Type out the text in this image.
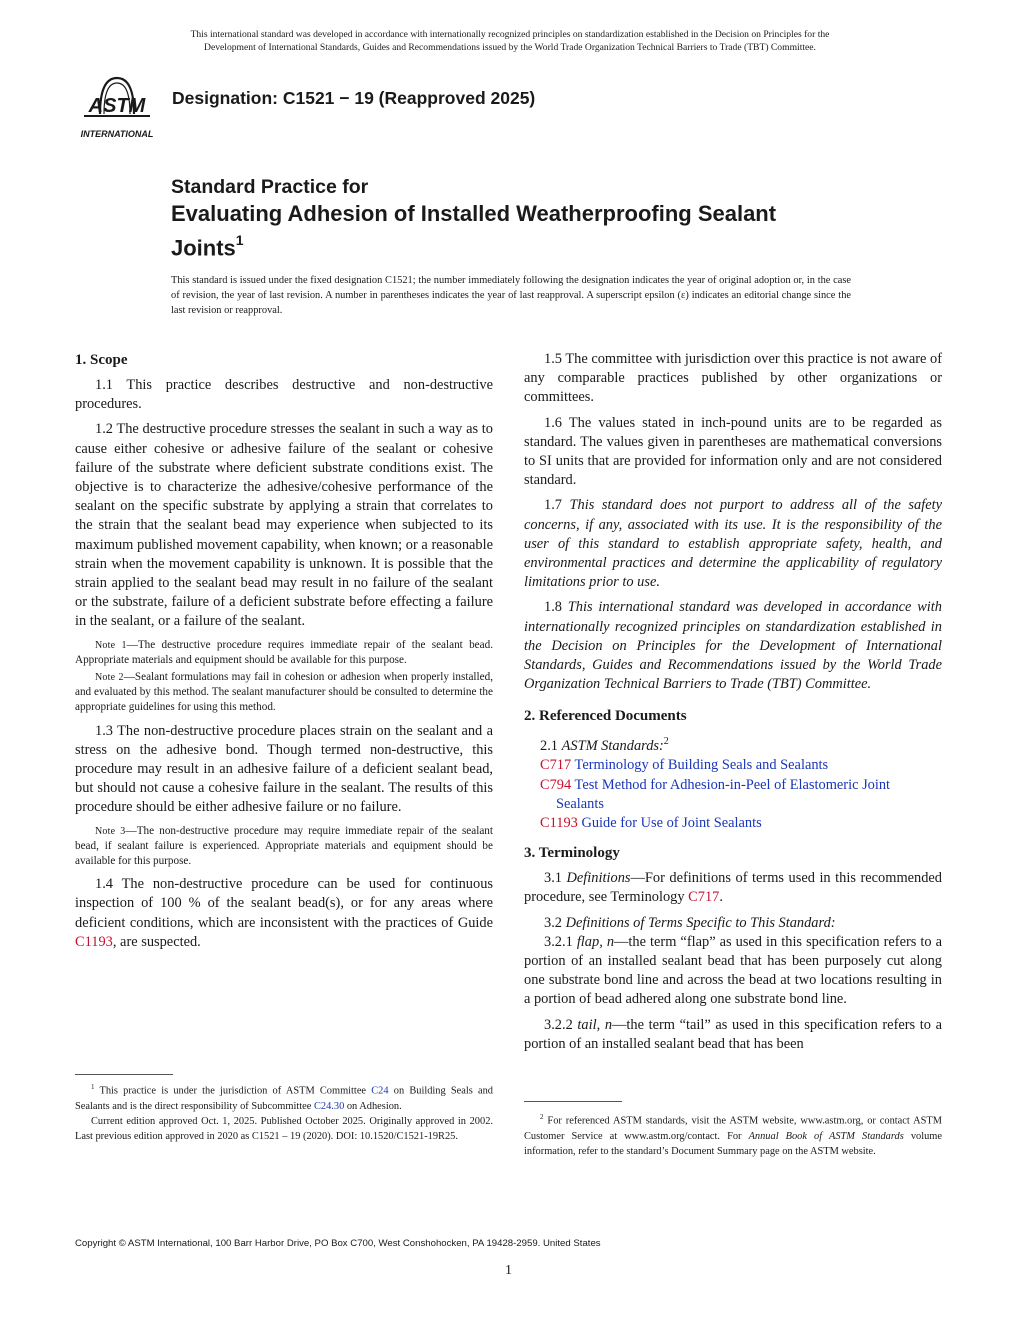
This international standard was developed in accordance with internationally recognized principles on standardization established in the Decision on Principles for the
Development of International Standards, Guides and Recommendations issued by the World Trade Organization Technical Barriers to Trade (TBT) Committee.
ASTM
INTERNATIONAL
Designation: C1521 − 19 (Reapproved 2025)
Standard Practice for
Evaluating Adhesion of Installed Weatherproofing Sealant
Joints$^1$
This standard is issued under the fixed designation C1521; the number immediately following the designation indicates the year of original adoption or, in the case of revision, the year of last revision. A number in parentheses indicates the year of last reapproval. A superscript epsilon (ε) indicates an editorial change since the last revision or reapproval.
1. Scope

1.1 This practice describes destructive and non-destructive procedures.

1.2 The destructive procedure stresses the sealant in such a way as to cause either cohesive or adhesive failure of the sealant or cohesive failure of the substrate where deficient substrate conditions exist. The objective is to characterize the adhesive/cohesive performance of the sealant on the specific substrate by applying a strain that correlates to the strain that the sealant bead may experience when subjected to its maximum published movement capability, when known; or a reasonable strain when the movement capability is unknown. It is possible that the strain applied to the sealant bead may result in no failure of the sealant or the substrate, failure of a deficient substrate before effecting a failure in the sealant, or a failure of the sealant.

Note 1—The destructive procedure requires immediate repair of the sealant bead. Appropriate materials and equipment should be available for this purpose.

Note 2—Sealant formulations may fail in cohesion or adhesion when properly installed, and evaluated by this method. The sealant manufacturer should be consulted to determine the appropriate guidelines for using this method.

1.3 The non-destructive procedure places strain on the sealant and a stress on the adhesive bond. Though termed non-destructive, this procedure may result in an adhesive failure of a deficient sealant bead, but should not cause a cohesive failure in the sealant. The results of this procedure should be either adhesive failure or no failure.

Note 3—The non-destructive procedure may require immediate repair of the sealant bead, if sealant failure is experienced. Appropriate materials and equipment should be available for this purpose.

1.4 The non-destructive procedure can be used for continuous inspection of 100 % of the sealant bead(s), or for any areas where deficient conditions, which are inconsistent with the practices of Guide C1193, are suspected.

1.5 The committee with jurisdiction over this practice is not aware of any comparable practices published by other organizations or committees.

1.6 The values stated in inch-pound units are to be regarded as standard. The values given in parentheses are mathematical conversions to SI units that are provided for information only and are not considered standard.

1.7 This standard does not purport to address all of the safety concerns, if any, associated with its use. It is the responsibility of the user of this standard to establish appropriate safety, health, and environmental practices and determine the applicability of regulatory limitations prior to use.

1.8 This international standard was developed in accordance with internationally recognized principles on standardization established in the Decision on Principles for the Development of International Standards, Guides and Recommendations issued by the World Trade Organization Technical Barriers to Trade (TBT) Committee.

2. Referenced Documents
2.1 ASTM Standards:$^2$
C717 Terminology of Building Seals and Sealants
C794 Test Method for Adhesion-in-Peel of Elastomeric Joint
Sealants
C1193 Guide for Use of Joint Sealants
3. Terminology

3.1 Definitions—For definitions of terms used in this recommended procedure, see Terminology C717.

3.2 Definitions of Terms Specific to This Standard:

3.2.1 flap, n—the term “flap” as used in this specification refers to a portion of an installed sealant bead that has been purposely cut along one substrate bond line and across the bead at two locations resulting in a portion of bead adhered along one substrate bond line.

3.2.2 tail, n—the term “tail” as used in this specification refers to a portion of an installed sealant bead that has been

$^1$ This practice is under the jurisdiction of ASTM Committee C24 on Building Seals and Sealants and is the direct responsibility of Subcommittee C24.30 on Adhesion.

Current edition approved Oct. 1, 2025. Published October 2025. Originally approved in 2002. Last previous edition approved in 2020 as C1521 – 19 (2020). DOI: 10.1520/C1521-19R25.

$^2$ For referenced ASTM standards, visit the ASTM website, www.astm.org, or contact ASTM Customer Service at www.astm.org/contact. For Annual Book of ASTM Standards volume information, refer to the standard’s Document Summary page on the ASTM website.

Copyright © ASTM International, 100 Barr Harbor Drive, PO Box C700, West Conshohocken, PA 19428-2959. United States
1
